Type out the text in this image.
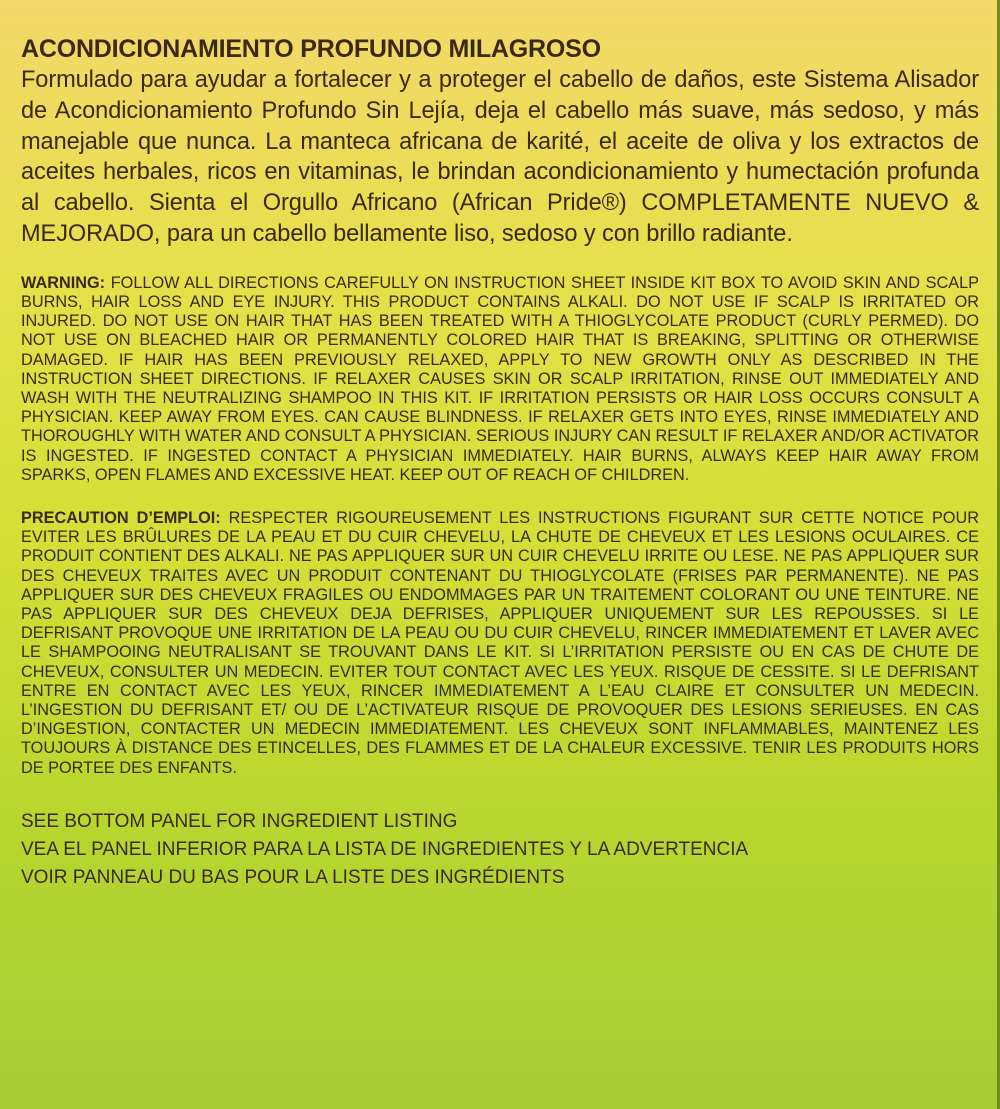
ACONDICIONAMIENTO PROFUNDO MILAGROSO

Formulado para ayudar a fortalecer y a proteger el cabello de daños, este Sistema Alisador de Acondicionamiento Profundo Sin Lejía, deja el cabello más suave, más sedoso, y más manejable que nunca. La manteca africana de karité, el aceite de oliva y los extractos de aceites herbales, ricos en vitaminas, le brindan acondicionamiento y humectación profunda al cabello. Sienta el Orgullo Africano (African Pride®) COMPLETAMENTE NUEVO & MEJORADO, para un cabello bellamente liso, sedoso y con brillo radiante.

WARNING: FOLLOW ALL DIRECTIONS CAREFULLY ON INSTRUCTION SHEET INSIDE KIT BOX TO AVOID SKIN AND SCALP BURNS, HAIR LOSS AND EYE INJURY. THIS PRODUCT CONTAINS ALKALI. DO NOT USE IF SCALP IS IRRITATED OR INJURED. DO NOT USE ON HAIR THAT HAS BEEN TREATED WITH A THIOGLYCOLATE PRODUCT (CURLY PERMED). DO NOT USE ON BLEACHED HAIR OR PERMANENTLY COLORED HAIR THAT IS BREAKING, SPLITTING OR OTHERWISE DAMAGED. IF HAIR HAS BEEN PREVIOUSLY RELAXED, APPLY TO NEW GROWTH ONLY AS DESCRIBED IN THE INSTRUCTION SHEET DIRECTIONS. IF RELAXER CAUSES SKIN OR SCALP IRRITATION, RINSE OUT IMMEDIATELY AND WASH WITH THE NEUTRALIZING SHAMPOO IN THIS KIT. IF IRRITATION PERSISTS OR HAIR LOSS OCCURS CONSULT A PHYSICIAN. KEEP AWAY FROM EYES. CAN CAUSE BLINDNESS. IF RELAXER GETS INTO EYES, RINSE IMMEDIATELY AND THOROUGHLY WITH WATER AND CONSULT A PHYSICIAN. SERIOUS INJURY CAN RESULT IF RELAXER AND/OR ACTIVATOR IS INGESTED. IF INGESTED CONTACT A PHYSICIAN IMMEDIATELY. HAIR BURNS, ALWAYS KEEP HAIR AWAY FROM SPARKS, OPEN FLAMES AND EXCESSIVE HEAT. KEEP OUT OF REACH OF CHILDREN.

PRECAUTION D’EMPLOI: RESPECTER RIGOUREUSEMENT LES INSTRUCTIONS FIGURANT SUR CETTE NOTICE POUR EVITER LES BRÛLURES DE LA PEAU ET DU CUIR CHEVELU, LA CHUTE DE CHEVEUX ET LES LESIONS OCULAIRES. CE PRODUIT CONTIENT DES ALKALI. NE PAS APPLIQUER SUR UN CUIR CHEVELU IRRITE OU LESE. NE PAS APPLIQUER SUR DES CHEVEUX TRAITES AVEC UN PRODUIT CONTENANT DU THIOGLYCOLATE (FRISES PAR PERMANENTE). NE PAS APPLIQUER SUR DES CHEVEUX FRAGILES OU ENDOMMAGES PAR UN TRAITEMENT COLORANT OU UNE TEINTURE. NE PAS APPLIQUER SUR DES CHEVEUX DEJA DEFRISES, APPLIQUER UNIQUEMENT SUR LES REPOUSSES. SI LE DEFRISANT PROVOQUE UNE IRRITATION DE LA PEAU OU DU CUIR CHEVELU, RINCER IMMEDIATEMENT ET LAVER AVEC LE SHAMPOOING NEUTRALISANT SE TROUVANT DANS LE KIT. SI L’IRRITATION PERSISTE OU EN CAS DE CHUTE DE CHEVEUX, CONSULTER UN MEDECIN. EVITER TOUT CONTACT AVEC LES YEUX. RISQUE DE CESSITE. SI LE DEFRISANT ENTRE EN CONTACT AVEC LES YEUX, RINCER IMMEDIATEMENT A L’EAU CLAIRE ET CONSULTER UN MEDECIN. L’INGESTION DU DEFRISANT ET/ OU DE L’ACTIVATEUR RISQUE DE PROVOQUER DES LESIONS SERIEUSES. EN CAS D’INGESTION, CONTACTER UN MEDECIN IMMEDIATEMENT. LES CHEVEUX SONT INFLAMMABLES, MAINTENEZ LES TOUJOURS À DISTANCE DES ETINCELLES, DES FLAMMES ET DE LA CHALEUR EXCESSIVE. TENIR LES PRODUITS HORS DE PORTEE DES ENFANTS.

SEE BOTTOM PANEL FOR INGREDIENT LISTING
VEA EL PANEL INFERIOR PARA LA LISTA DE INGREDIENTES Y LA ADVERTENCIA
VOIR PANNEAU DU BAS POUR LA LISTE DES INGRÉDIENTS
